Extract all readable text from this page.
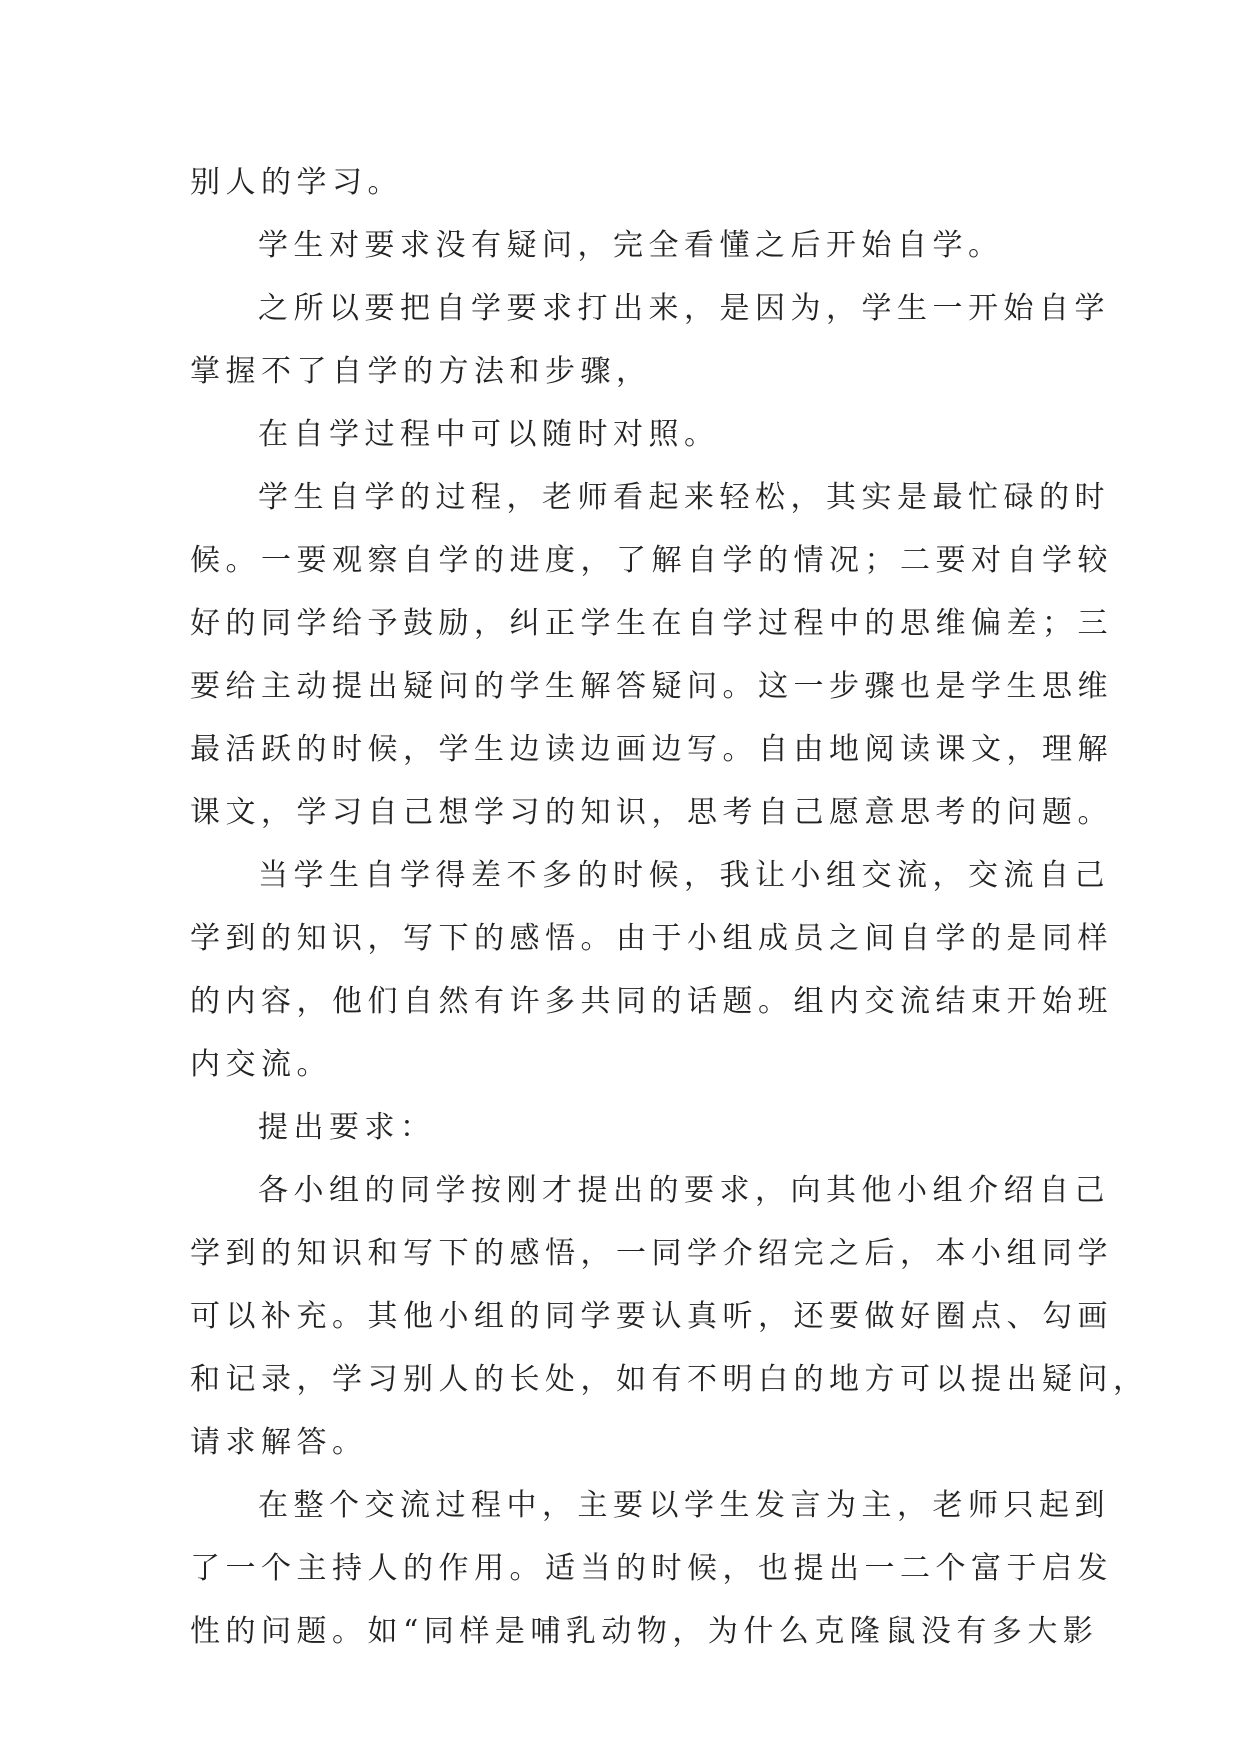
别人的学习。
学生对要求没有疑问，完全看懂之后开始自学。
之所以要把自学要求打出来，是因为，学生一开始自学
掌握不了自学的方法和步骤，
在自学过程中可以随时对照。
学生自学的过程，老师看起来轻松，其实是最忙碌的时
候。一要观察自学的进度，了解自学的情况；二要对自学较
好的同学给予鼓励，纠正学生在自学过程中的思维偏差；三
要给主动提出疑问的学生解答疑问。这一步骤也是学生思维
最活跃的时候，学生边读边画边写。自由地阅读课文，理解
课文，学习自己想学习的知识，思考自己愿意思考的问题。
当学生自学得差不多的时候，我让小组交流，交流自己
学到的知识，写下的感悟。由于小组成员之间自学的是同样
的内容，他们自然有许多共同的话题。组内交流结束开始班
内交流。
提出要求：
各小组的同学按刚才提出的要求，向其他小组介绍自己
学到的知识和写下的感悟，一同学介绍完之后，本小组同学
可以补充。其他小组的同学要认真听，还要做好圈点、勾画
和记录，学习别人的长处，如有不明白的地方可以提出疑问，
请求解答。
在整个交流过程中，主要以学生发言为主，老师只起到
了一个主持人的作用。适当的时候，也提出一二个富于启发
性的问题。如“同样是哺乳动物，为什么克隆鼠没有多大影
